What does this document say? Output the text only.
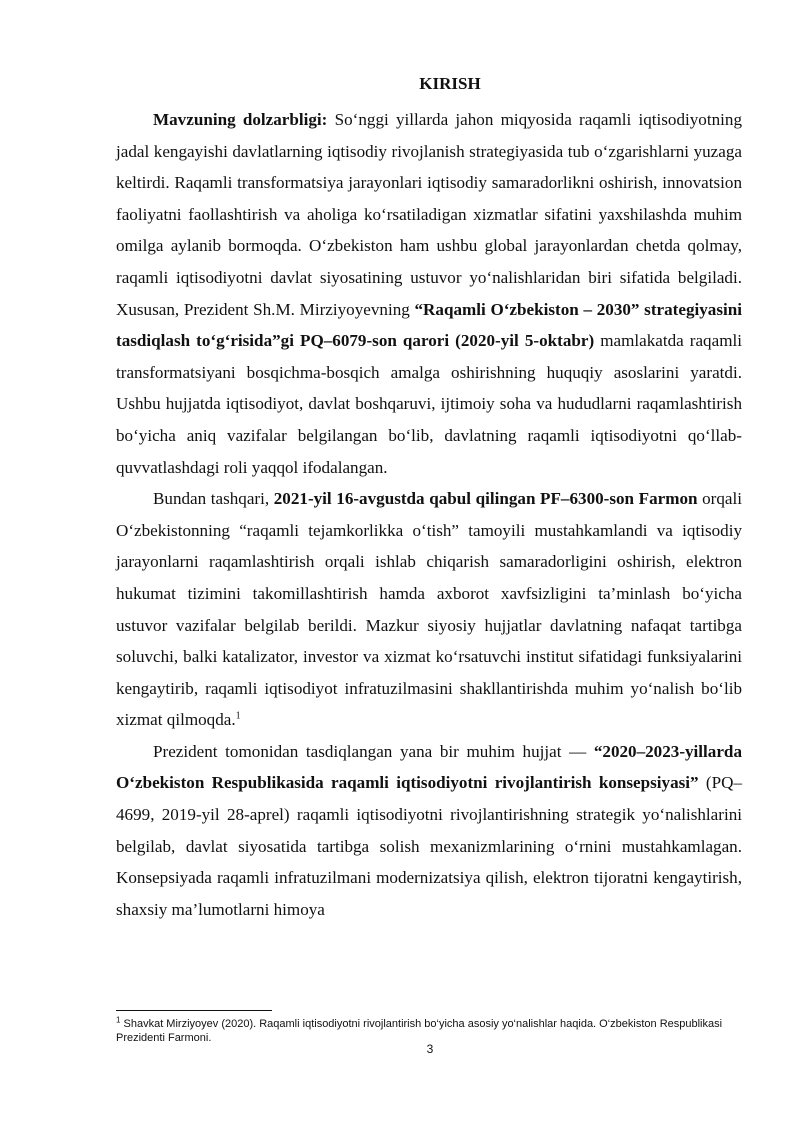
KIRISH

Mavzuning dolzarbligi: So‘nggi yillarda jahon miqyosida raqamli iqtisodiyotning jadal kengayishi davlatlarning iqtisodiy rivojlanish strategiyasida tub o‘zgarishlarni yuzaga keltirdi. Raqamli transformatsiya jarayonlari iqtisodiy samaradorlikni oshirish, innovatsion faoliyatni faollashtirish va aholiga ko‘rsatiladigan xizmatlar sifatini yaxshilashda muhim omilga aylanib bormoqda. O‘zbekiston ham ushbu global jarayonlardan chetda qolmay, raqamli iqtisodiyotni davlat siyosatining ustuvor yo‘nalishlaridan biri sifatida belgiladi. Xususan, Prezident Sh.M. Mirziyoyevning “Raqamli O‘zbekiston – 2030” strategiyasini tasdiqlash to‘g‘risida”gi PQ–6079-son qarori (2020-yil 5-oktabr) mamlakatda raqamli transformatsiyani bosqichma-bosqich amalga oshirishning huquqiy asoslarini yaratdi. Ushbu hujjatda iqtisodiyot, davlat boshqaruvi, ijtimoiy soha va hududlarni raqamlashtirish bo‘yicha aniq vazifalar belgilangan bo‘lib, davlatning raqamli iqtisodiyotni qo‘llab-quvvatlashdagi roli yaqqol ifodalangan.

Bundan tashqari, 2021-yil 16-avgustda qabul qilingan PF–6300-son Farmon orqali O‘zbekistonning “raqamli tejamkorlikka o‘tish” tamoyili mustahkamlandi va iqtisodiy jarayonlarni raqamlashtirish orqali ishlab chiqarish samaradorligini oshirish, elektron hukumat tizimini takomillashtirish hamda axborot xavfsizligini ta’minlash bo‘yicha ustuvor vazifalar belgilab berildi. Mazkur siyosiy hujjatlar davlatning nafaqat tartibga soluvchi, balki katalizator, investor va xizmat ko‘rsatuvchi institut sifatidagi funksiyalarini kengaytirib, raqamli iqtisodiyot infratuzilmasini shakllantirishda muhim yo‘nalish bo‘lib xizmat qilmoqda.$^1$

Prezident tomonidan tasdiqlangan yana bir muhim hujjat — “2020–2023-yillarda O‘zbekiston Respublikasida raqamli iqtisodiyotni rivojlantirish konsepsiyasi” (PQ–4699, 2019-yil 28-aprel) raqamli iqtisodiyotni rivojlantirishning strategik yo‘nalishlarini belgilab, davlat siyosatida tartibga solish mexanizmlarining o‘rnini mustahkamlagan. Konsepsiyada raqamli infratuzilmani modernizatsiya qilish, elektron tijoratni kengaytirish, shaxsiy ma’lumotlarni himoya

$^1$ Shavkat Mirziyoyev (2020). Raqamli iqtisodiyotni rivojlantirish bo‘yicha asosiy yo‘nalishlar haqida. O‘zbekiston Respublikasi Prezidenti Farmoni.
3
